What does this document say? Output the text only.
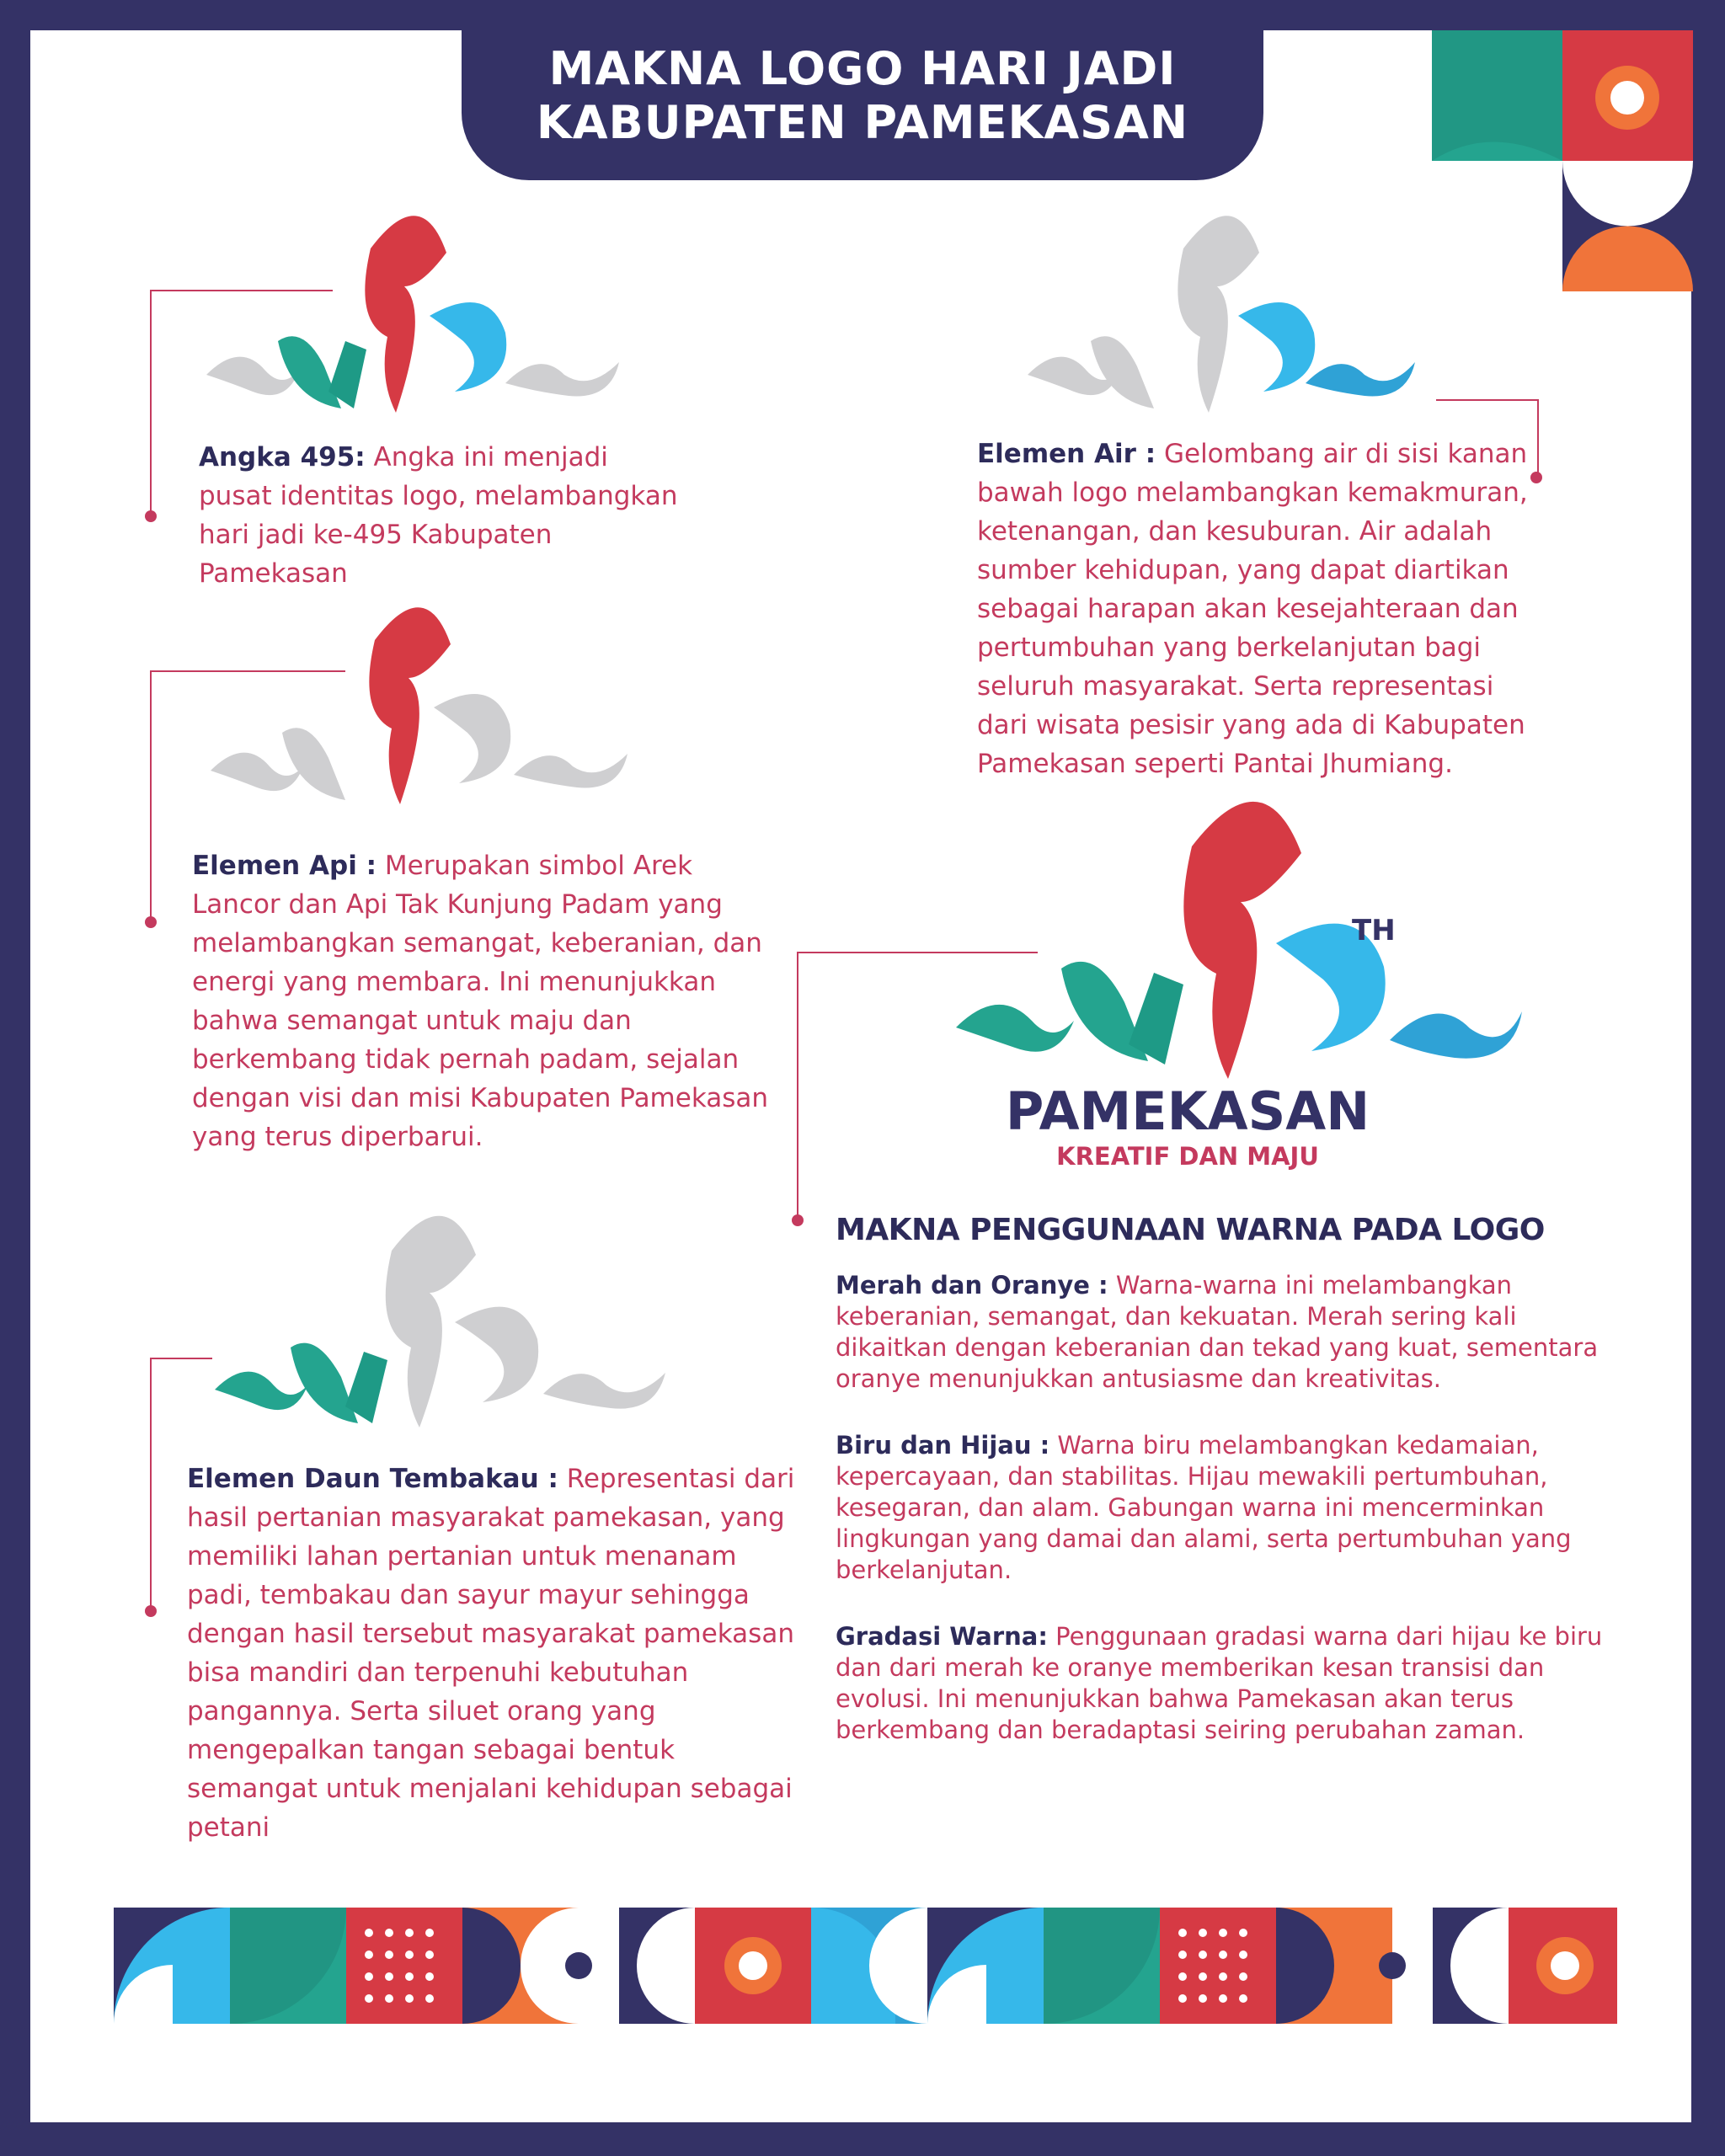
MAKNA LOGO HARI JADI
KABUPATEN PAMEKASAN
TH
PAMEKASAN
KREATIF DAN MAJU
Angka 495: Angka ini menjadi pusat identitas logo, melambangkan hari jadi ke-495 Kabupaten Pamekasan
Elemen Air : Gelombang air di sisi kanan bawah logo melambangkan kemakmuran, ketenangan, dan kesuburan. Air adalah sumber kehidupan, yang dapat diartikan sebagai harapan akan kesejahteraan dan pertumbuhan yang berkelanjutan bagi seluruh masyarakat. Serta representasi dari wisata pesisir yang ada di Kabupaten Pamekasan seperti Pantai Jhumiang.
Elemen Api : Merupakan simbol Arek Lancor dan Api Tak Kunjung Padam yang melambangkan semangat, keberanian, dan energi yang membara. Ini menunjukkan bahwa semangat untuk maju dan berkembang tidak pernah padam, sejalan dengan visi dan misi Kabupaten Pamekasan yang terus diperbarui.
Elemen Daun Tembakau : Representasi dari hasil pertanian masyarakat pamekasan, yang memiliki lahan pertanian untuk menanam padi, tembakau dan sayur mayur sehingga dengan hasil tersebut masyarakat pamekasan bisa mandiri dan terpenuhi kebutuhan pangannya. Serta siluet orang yang mengepalkan tangan sebagai bentuk semangat untuk menjalani kehidupan sebagai petani
MAKNA PENGGUNAAN WARNA PADA LOGO
Merah dan Oranye : Warna-warna ini melambangkan keberanian, semangat, dan kekuatan. Merah sering kali dikaitkan dengan keberanian dan tekad yang kuat, sementara oranye menunjukkan antusiasme dan kreativitas.
Biru dan Hijau : Warna biru melambangkan kedamaian, kepercayaan, dan stabilitas. Hijau mewakili pertumbuhan, kesegaran, dan alam. Gabungan warna ini mencerminkan lingkungan yang damai dan alami, serta pertumbuhan yang berkelanjutan.
Gradasi Warna: Penggunaan gradasi warna dari hijau ke biru dan dari merah ke oranye memberikan kesan transisi dan evolusi. Ini menunjukkan bahwa Pamekasan akan terus berkembang dan beradaptasi seiring perubahan zaman.
